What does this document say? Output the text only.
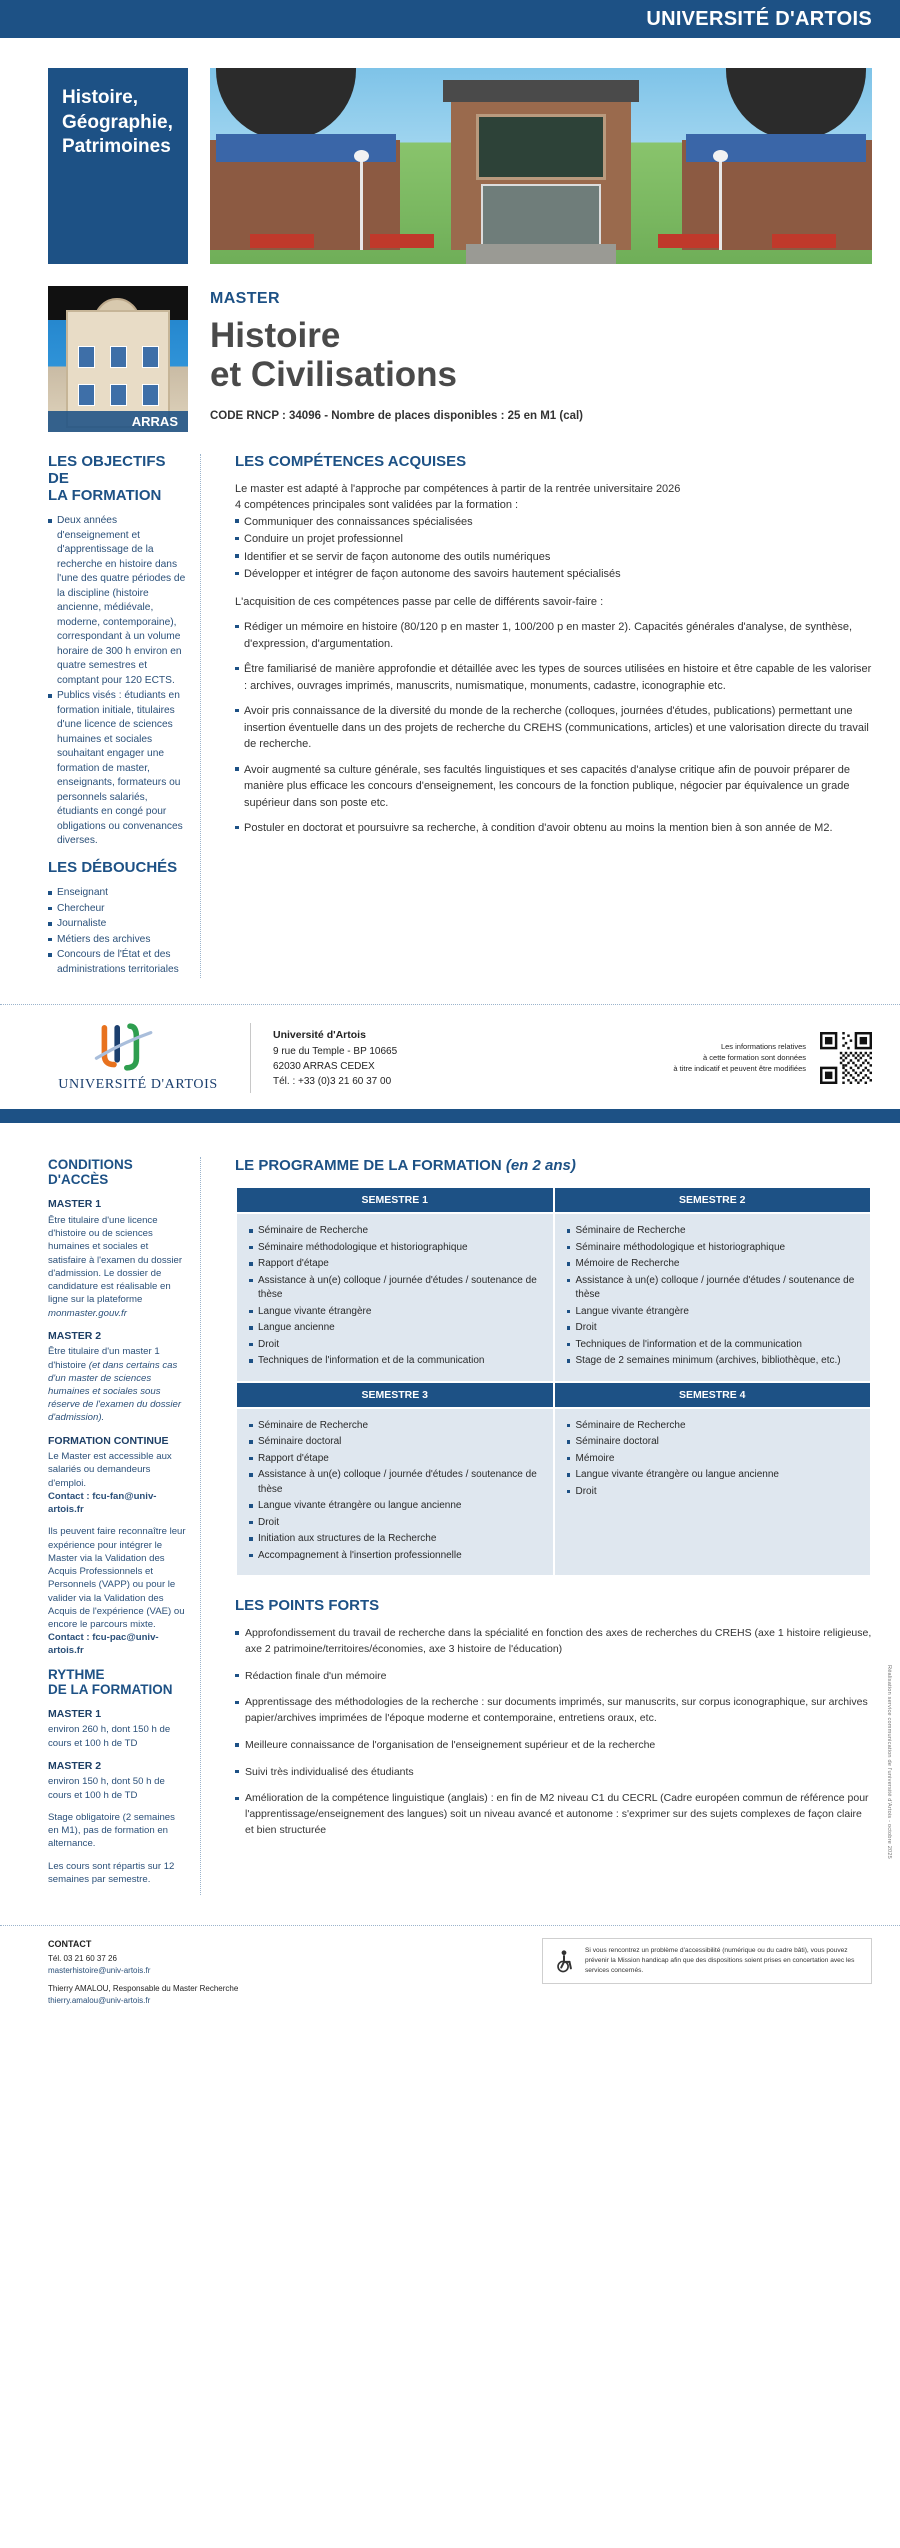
UNIVERSITÉ D'ARTOIS
Histoire,
Géographie,
Patrimoines
ARRAS
MASTER
Histoire
et Civilisations
CODE RNCP : 34096 - Nombre de places disponibles : 25 en M1 (cal)
LES OBJECTIFS DE
LA FORMATION
Deux années d'enseignement et d'apprentissage de la recherche en histoire dans l'une des quatre périodes de la discipline (histoire ancienne, médiévale, moderne, contemporaine), correspondant à un volume horaire de 300 h environ en quatre semestres et comptant pour 120 ECTS.
Publics visés : étudiants en formation initiale, titulaires d'une licence de sciences humaines et sociales souhaitant engager une formation de master, enseignants, formateurs ou personnels salariés, étudiants en congé pour obligations ou convenances diverses.
LES DÉBOUCHÉS
Enseignant
Chercheur
Journaliste
Métiers des archives
Concours de l'État et des administrations territoriales
LES COMPÉTENCES ACQUISES

Le master est adapté à l'approche par compétences à partir de la rentrée universitaire 2026

4 compétences principales sont validées par la formation :

Communiquer des connaissances spécialisées
Conduire un projet professionnel
Identifier et se servir de façon autonome des outils numériques
Développer et intégrer de façon autonome des savoirs hautement spécialisés

L'acquisition de ces compétences passe par celle de différents savoir-faire :

Rédiger un mémoire en histoire (80/120 p en master 1, 100/200 p en master 2). Capacités générales d'analyse, de synthèse, d'expression, d'argumentation.
Être familiarisé de manière approfondie et détaillée avec les types de sources utilisées en histoire et être capable de les valoriser : archives, ouvrages imprimés, manuscrits, numismatique, monuments, cadastre, iconographie etc.
Avoir pris connaissance de la diversité du monde de la recherche (colloques, journées d'études, publications) permettant une insertion éventuelle dans un des projets de recherche du CREHS (communications, articles) et une valorisation directe du travail de recherche.
Avoir augmenté sa culture générale, ses facultés linguistiques et ses capacités d'analyse critique afin de pouvoir préparer de manière plus efficace les concours d'enseignement, les concours de la fonction publique, négocier par équivalence un grade supérieur dans son poste etc.
Postuler en doctorat et poursuivre sa recherche, à condition d'avoir obtenu au moins la mention bien à son année de M2.
UNIVERSITÉ D'ARTOIS
Université d'Artois
9 rue du Temple - BP 10665
62030 ARRAS CEDEX
Tél. : +33 (0)3 21 60 37 00
Les informations relatives
à cette formation sont données
à titre indicatif et peuvent être modifiées
CONDITIONS
D'ACCÈS
MASTER 1

Être titulaire d'une licence d'histoire ou de sciences humaines et sociales et satisfaire à l'examen du dossier d'admission. Le dossier de candidature est réalisable en ligne sur la plateforme monmaster.gouv.fr

MASTER 2

Être titulaire d'un master 1 d'histoire (et dans certains cas d'un master de sciences humaines et sociales sous réserve de l'examen du dossier d'admission).

FORMATION CONTINUE

Le Master est accessible aux salariés ou demandeurs d'emploi.
Contact : fcu-fan@univ-artois.fr

Ils peuvent faire reconnaître leur expérience pour intégrer le Master via la Validation des Acquis Professionnels et Personnels (VAPP) ou pour le valider via la Validation des Acquis de l'expérience (VAE) ou encore le parcours mixte.
Contact : fcu-pac@univ-artois.fr

RYTHME
DE LA FORMATION
MASTER 1

environ 260 h, dont 150 h de cours et 100 h de TD

MASTER 2

environ 150 h, dont 50 h de cours et 100 h de TD

Stage obligatoire (2 semaines en M1), pas de formation en alternance.

Les cours sont répartis sur 12 semaines par semestre.

LE PROGRAMME DE LA FORMATION (en 2 ans)
SEMESTRE 1	SEMESTRE 2

Séminaire de Recherche
Séminaire méthodologique et historiographique
Rapport d'étape
Assistance à un(e) colloque / journée d'études / soutenance de thèse
Langue vivante étrangère
Langue ancienne
Droit
Techniques de l'information et de la communication

Séminaire de Recherche
Séminaire méthodologique et historiographique
Mémoire de Recherche
Assistance à un(e) colloque / journée d'études / soutenance de thèse
Langue vivante étrangère
Droit
Techniques de l'information et de la communication
Stage de 2 semaines minimum (archives, bibliothèque, etc.)

SEMESTRE 3	SEMESTRE 4

Séminaire de Recherche
Séminaire doctoral
Rapport d'étape
Assistance à un(e) colloque / journée d'études / soutenance de thèse
Langue vivante étrangère ou langue ancienne
Droit
Initiation aux structures de la Recherche
Accompagnement à l'insertion professionnelle

Séminaire de Recherche
Séminaire doctoral
Mémoire
Langue vivante étrangère ou langue ancienne
Droit
LES POINTS FORTS
Approfondissement du travail de recherche dans la spécialité en fonction des axes de recherches du CREHS (axe 1 histoire religieuse, axe 2 patrimoine/territoires/économies, axe 3 histoire de l'éducation)
Rédaction finale d'un mémoire
Apprentissage des méthodologies de la recherche : sur documents imprimés, sur manuscrits, sur corpus iconographique, sur archives papier/archives imprimées de l'époque moderne et contemporaine, entretiens oraux, etc.
Meilleure connaissance de l'organisation de l'enseignement supérieur et de la recherche
Suivi très individualisé des étudiants
Amélioration de la compétence linguistique (anglais) : en fin de M2 niveau C1 du CECRL (Cadre européen commun de référence pour l'apprentissage/enseignement des langues) soit un niveau avancé et autonome : s'exprimer sur des sujets complexes de façon claire et bien structurée	Réalisation service communication de l'université d'Artois - octobre 2025
CONTACT
Tél. 03 21 60 37 26
masterhistoire@univ-artois.fr
Thierry AMALOU, Responsable du Master Recherche
thierry.amalou@univ-artois.fr
Si vous rencontrez un problème d'accessibilité (numérique ou du cadre bâti), vous pouvez prévenir la Mission handicap afin que des dispositions soient prises en concertation avec les services concernés.
